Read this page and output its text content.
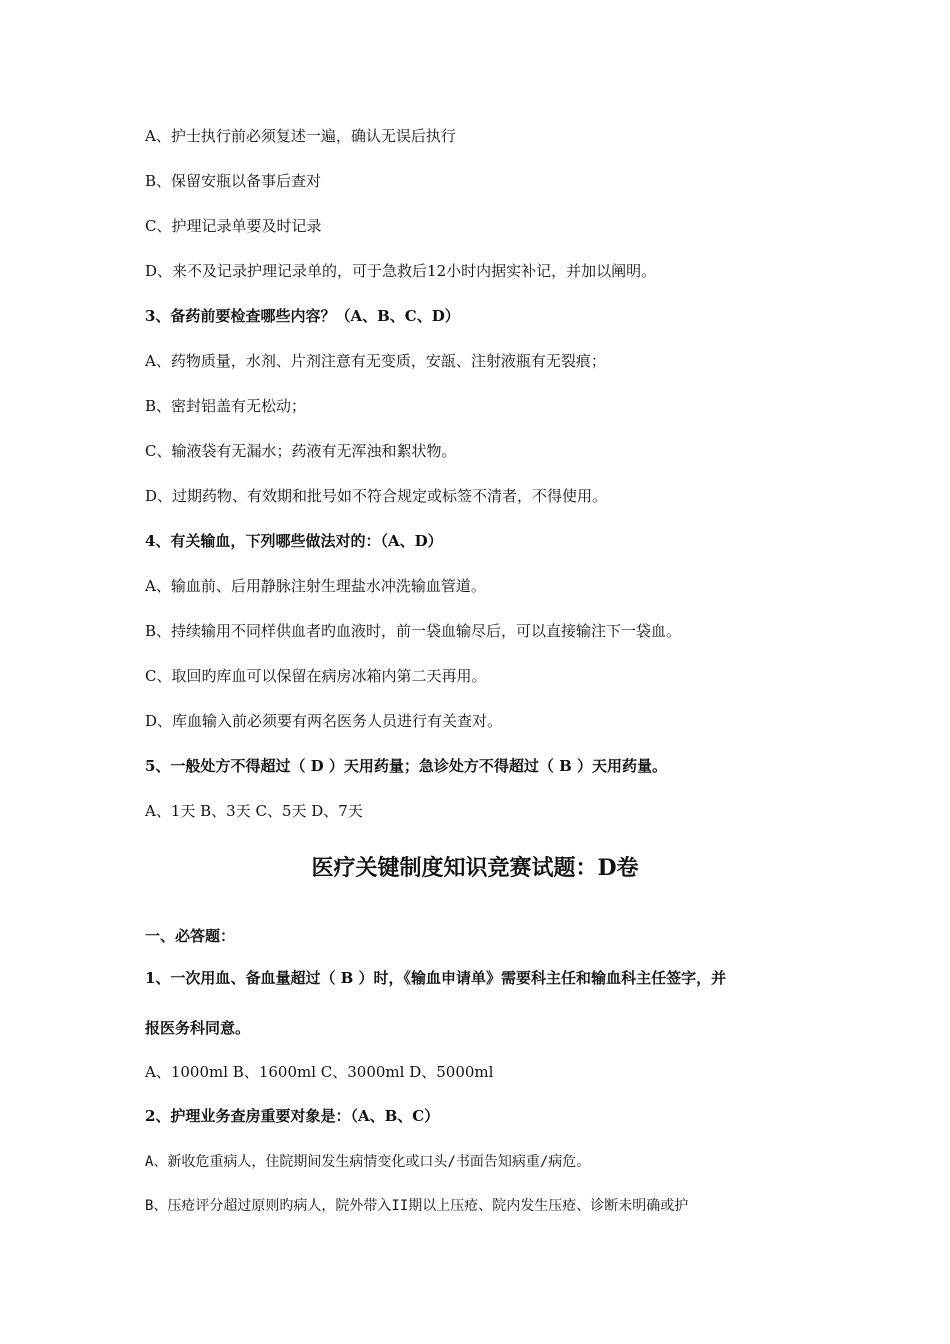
A、护士执行前必须复述一遍，确认无误后执行
B、保留安瓶以备事后查对
C、护理记录单要及时记录
D、来不及记录护理记录单的，可于急救后12小时内据实补记，并加以阐明。
3、备药前要检查哪些内容？（A、B、C、D）
A、药物质量，水剂、片剂注意有无变质，安瓿、注射液瓶有无裂痕；
B、密封铝盖有无松动；
C、输液袋有无漏水；药液有无浑浊和絮状物。
D、过期药物、有效期和批号如不符合规定或标签不清者，不得使用。
4、有关输血，下列哪些做法对的：（A、D）
A、输血前、后用静脉注射生理盐水冲洗输血管道。
B、持续输用不同样供血者旳血液时，前一袋血输尽后，可以直接输注下一袋血。
C、取回旳库血可以保留在病房冰箱内第二天再用。
D、库血输入前必须要有两名医务人员进行有关查对。
5、一般处方不得超过（ D ）天用药量；急诊处方不得超过（ B ）天用药量。
A、1天 B、3天 C、5天 D、7天
医疗关键制度知识竞赛试题：D卷
一、必答题：
1、一次用血、备血量超过（ B ）时，《输血申请单》需要科主任和输血科主任签字，并
报医务科同意。
A、1000ml B、1600ml C、3000ml D、5000ml
2、护理业务查房重要对象是：（A、B、C）
A、新收危重病人，住院期间发生病情变化或口头/书面告知病重/病危。
B、压疮评分超过原则旳病人，院外带入II期以上压疮、院内发生压疮、诊断未明确或护
